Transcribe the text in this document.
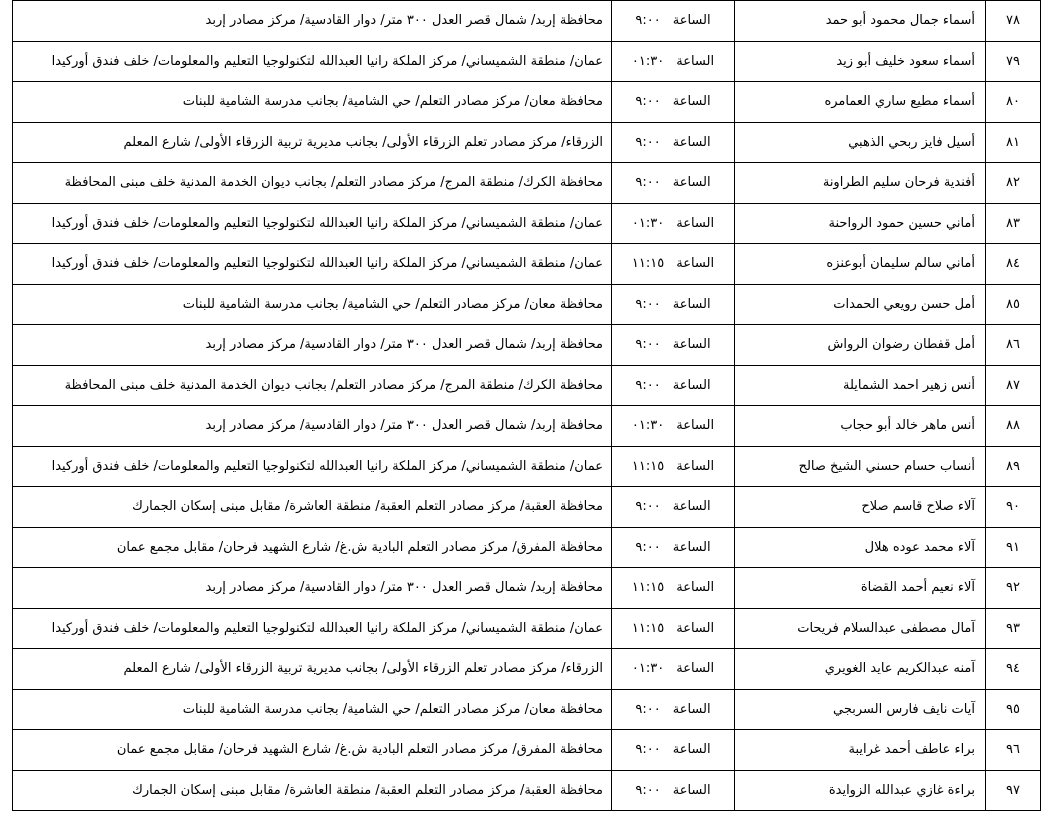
٧٨	أسماء جمال محمود أبو حمد	الساعة٩:٠٠	محافظة إربد/ شمال قصر العدل ٣٠٠ متر/ دوار القادسية/ مركز مصادر إربد
٧٩	أسماء سعود خليف أبو زيد	الساعة٠١:٣٠	عمان/ منطقة الشميساني/ مركز الملكة رانيا العبدالله لتكنولوجيا التعليم والمعلومات/ خلف فندق أوركيدا
٨٠	أسماء مطيع ساري العمامره	الساعة٩:٠٠	محافظة معان/ مركز مصادر التعلم/ حي الشامية/ بجانب مدرسة الشامية للبنات
٨١	أسيل فايز ربحي الذهبي	الساعة٩:٠٠	الزرقاء/ مركز مصادر تعلم الزرقاء الأولى/ بجانب مديرية تربية الزرقاء الأولى/ شارع المعلم
٨٢	أفندية فرحان سليم الطراونة	الساعة٩:٠٠	محافظة الكرك/ منطقة المرج/ مركز مصادر التعلم/ بجانب ديوان الخدمة المدنية خلف مبنى المحافظة
٨٣	أماني حسين حمود الرواحنة	الساعة٠١:٣٠	عمان/ منطقة الشميساني/ مركز الملكة رانيا العبدالله لتكنولوجيا التعليم والمعلومات/ خلف فندق أوركيدا
٨٤	أماني سالم سليمان أبوعنزه	الساعة١١:١٥	عمان/ منطقة الشميساني/ مركز الملكة رانيا العبدالله لتكنولوجيا التعليم والمعلومات/ خلف فندق أوركيدا
٨٥	أمل حسن رويعي الحمدات	الساعة٩:٠٠	محافظة معان/ مركز مصادر التعلم/ حي الشامية/ بجانب مدرسة الشامية للبنات
٨٦	أمل قفطان رضوان الرواش	الساعة٩:٠٠	محافظة إربد/ شمال قصر العدل ٣٠٠ متر/ دوار القادسية/ مركز مصادر إربد
٨٧	أنس زهير احمد الشمايلة	الساعة٩:٠٠	محافظة الكرك/ منطقة المرج/ مركز مصادر التعلم/ بجانب ديوان الخدمة المدنية خلف مبنى المحافظة
٨٨	أنس ماهر خالد أبو حجاب	الساعة٠١:٣٠	محافظة إربد/ شمال قصر العدل ٣٠٠ متر/ دوار القادسية/ مركز مصادر إربد
٨٩	أنساب حسام حسني الشيخ صالح	الساعة١١:١٥	عمان/ منطقة الشميساني/ مركز الملكة رانيا العبدالله لتكنولوجيا التعليم والمعلومات/ خلف فندق أوركيدا
٩٠	آلاء صلاح قاسم صلاح	الساعة٩:٠٠	محافظة العقبة/ مركز مصادر التعلم العقبة/ منطقة العاشرة/ مقابل مبنى إسكان الجمارك
٩١	آلاء محمد عوده هلال	الساعة٩:٠٠	محافظة المفرق/ مركز مصادر التعلم البادية ش.غ/ شارع الشهيد فرحان/ مقابل مجمع عمان
٩٢	آلاء نعيم أحمد القضاة	الساعة١١:١٥	محافظة إربد/ شمال قصر العدل ٣٠٠ متر/ دوار القادسية/ مركز مصادر إربد
٩٣	آمال مصطفى عبدالسلام فريحات	الساعة١١:١٥	عمان/ منطقة الشميساني/ مركز الملكة رانيا العبدالله لتكنولوجيا التعليم والمعلومات/ خلف فندق أوركيدا
٩٤	آمنه عبدالكريم عايد الغويري	الساعة٠١:٣٠	الزرقاء/ مركز مصادر تعلم الزرقاء الأولى/ بجانب مديرية تربية الزرقاء الأولى/ شارع المعلم
٩٥	آيات نايف فارس السربجي	الساعة٩:٠٠	محافظة معان/ مركز مصادر التعلم/ حي الشامية/ بجانب مدرسة الشامية للبنات
٩٦	براء عاطف أحمد غرايبة	الساعة٩:٠٠	محافظة المفرق/ مركز مصادر التعلم البادية ش.غ/ شارع الشهيد فرحان/ مقابل مجمع عمان
٩٧	براءة غازي عبدالله الزوايدة	الساعة٩:٠٠	محافظة العقبة/ مركز مصادر التعلم العقبة/ منطقة العاشرة/ مقابل مبنى إسكان الجمارك
